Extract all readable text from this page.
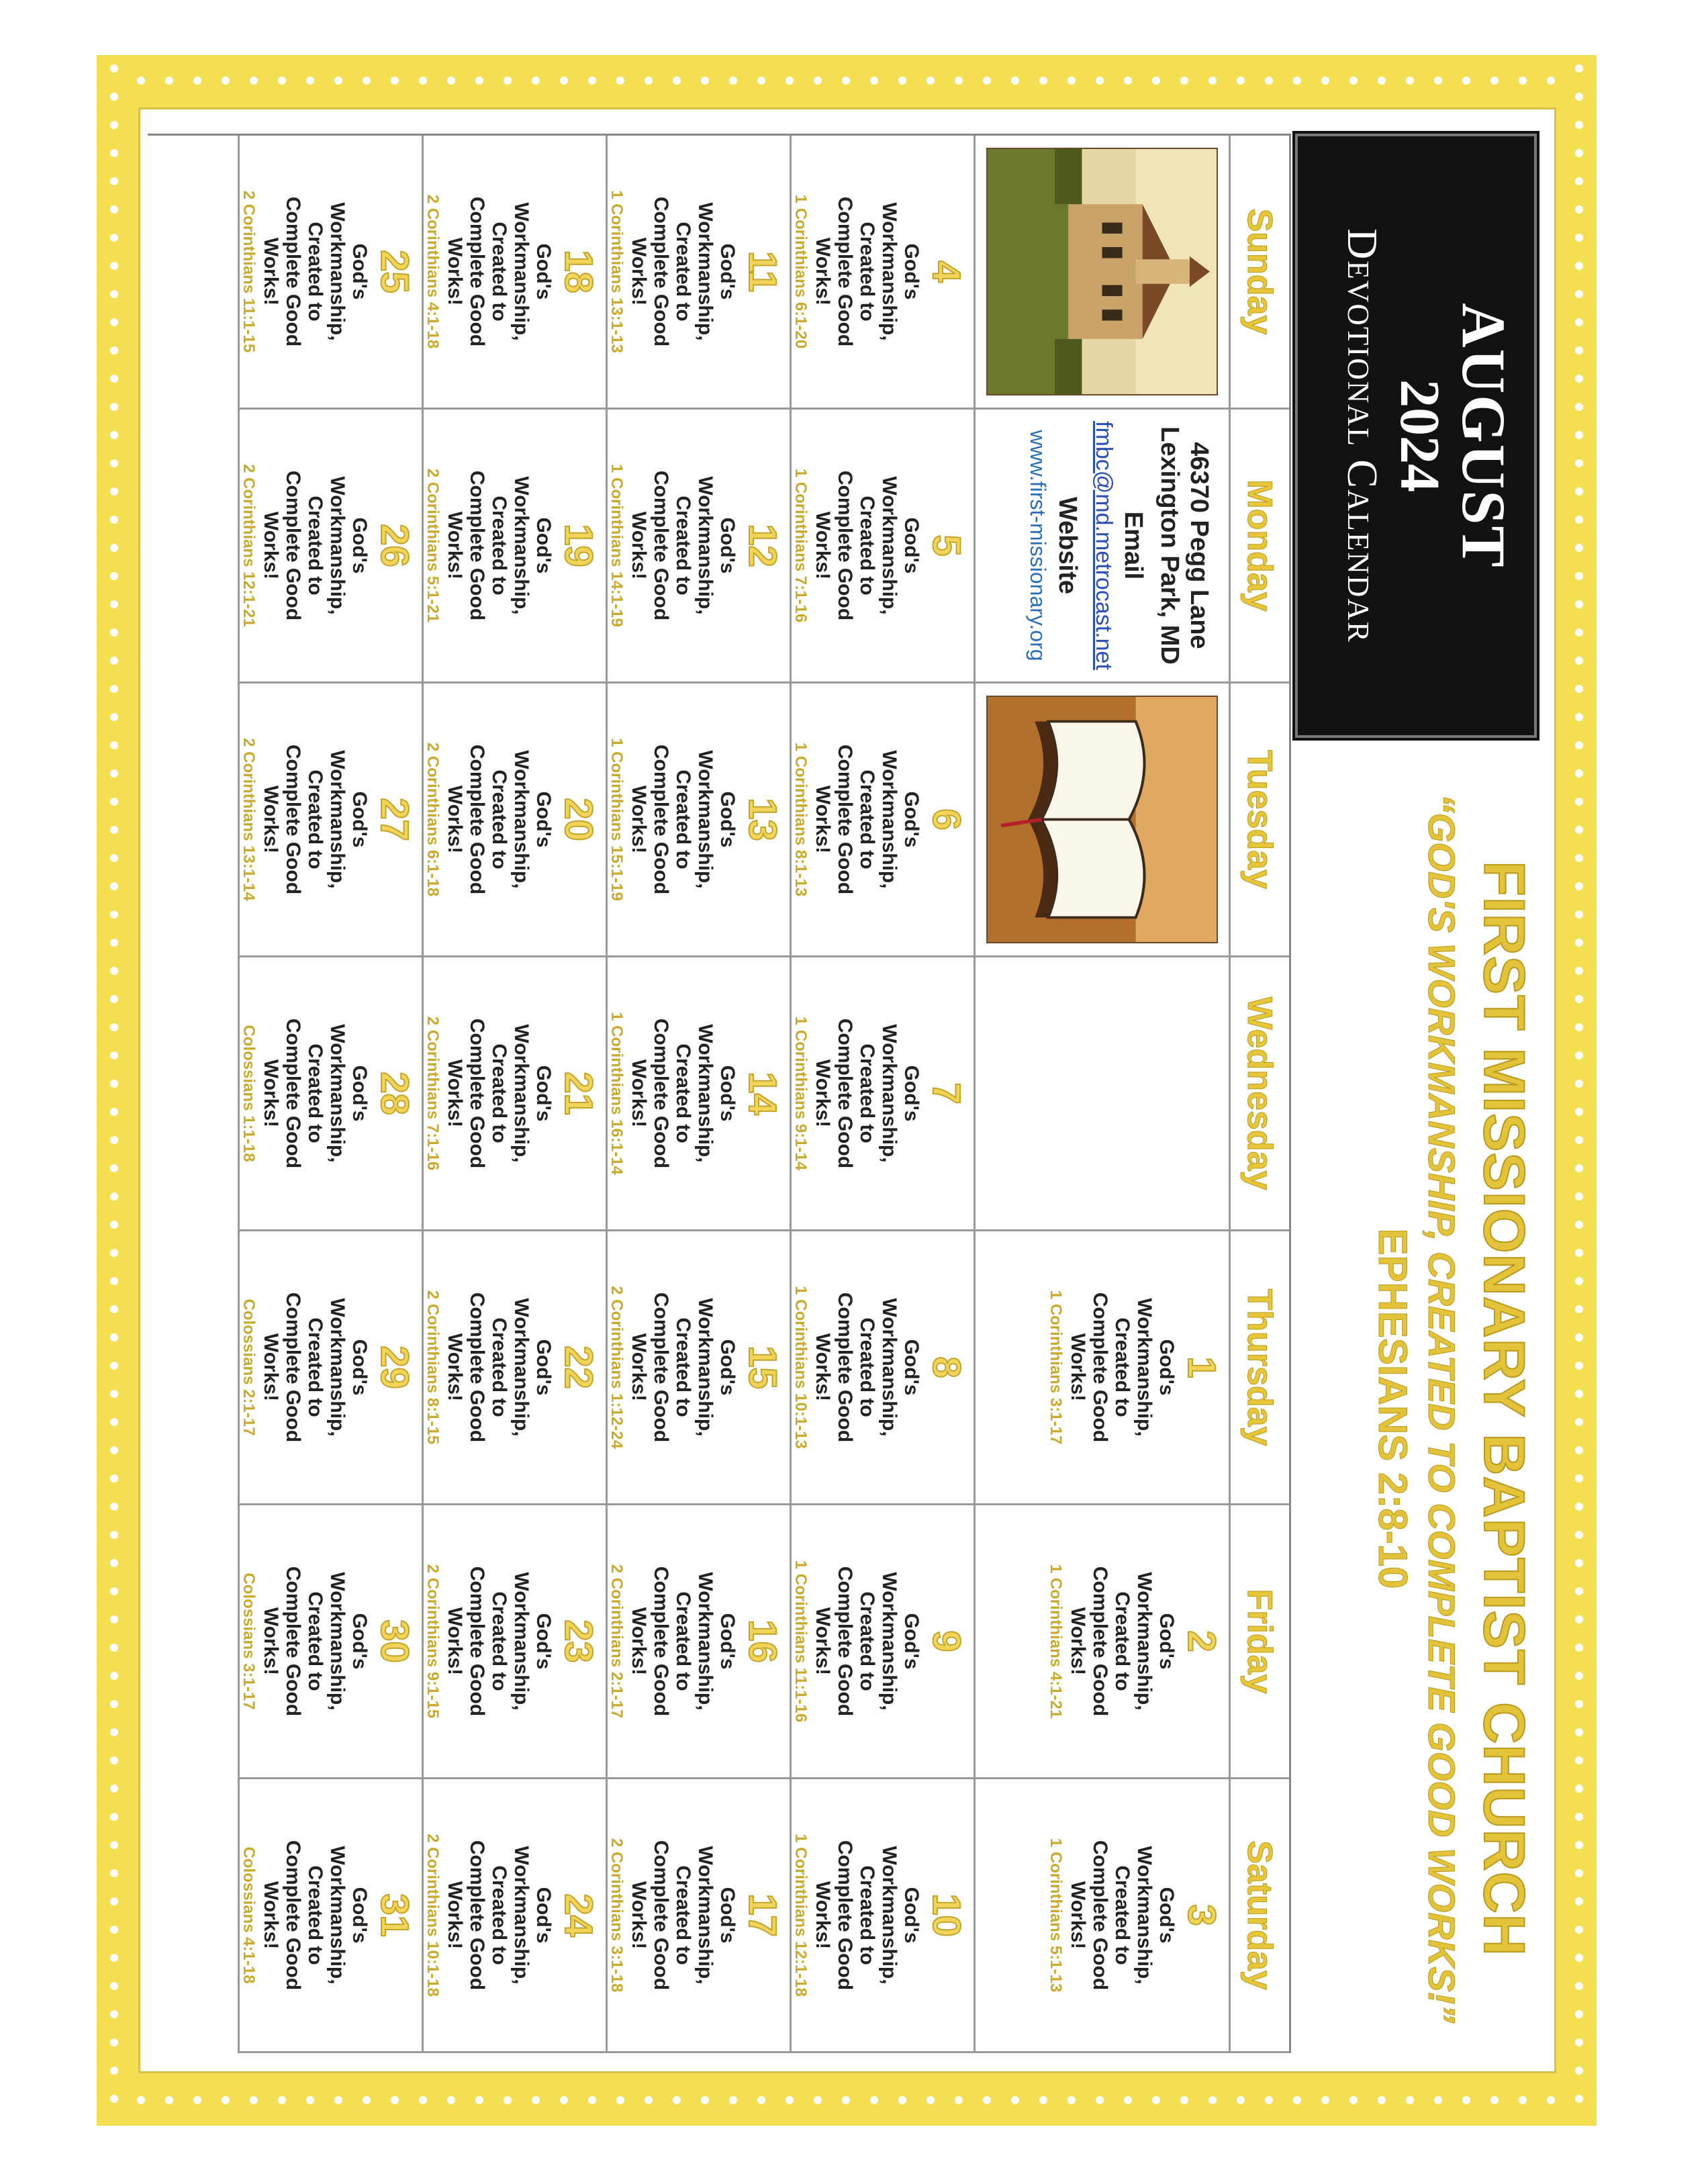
AUGUST
2024
Devotional Calendar
FIRST MISSIONARY BAPTIST CHURCH
“GOD'S WORKMANSHIP, CREATED TO COMPLETE GOOD WORKS!”
EPHESIANS 2:8-10
Sunday
Monday
Tuesday
Wednesday
Thursday
Friday
Saturday
46370 Pegg Lane
Lexington Park, MD
Email
fmbc@md.metrocast.net
Website
www.first-missionary.org
1
God's Workmanship, Created to Complete Good Works!
1 Corinthians 3:1-17
2
God's Workmanship, Created to Complete Good Works!
1 Corinthians 4:1-21
3
God's Workmanship, Created to Complete Good Works!
1 Corinthians 5:1-13
4
God's Workmanship, Created to Complete Good Works!
1 Corinthians 6:1-20
5
God's Workmanship, Created to Complete Good Works!
1 Corinthians 7:1-16
6
God's Workmanship, Created to Complete Good Works!
1 Corinthians 8:1-13
7
God's Workmanship, Created to Complete Good Works!
1 Corinthians 9:1-14
8
God's Workmanship, Created to Complete Good Works!
1 Corinthians 10:1-13
9
God's Workmanship, Created to Complete Good Works!
1 Corinthians 11:1-16
10
God's Workmanship, Created to Complete Good Works!
1 Corinthians 12:1-18
11
God's Workmanship, Created to Complete Good Works!
1 Corinthians 13:1-13
12
God's Workmanship, Created to Complete Good Works!
1 Corinthians 14:1-19
13
God's Workmanship, Created to Complete Good Works!
1 Corinthians 15:1-19
14
God's Workmanship, Created to Complete Good Works!
1 Corinthians 16:1-14
15
God's Workmanship, Created to Complete Good Works!
2 Corinthians 1:12-24
16
God's Workmanship, Created to Complete Good Works!
2 Corinthians 2:1-17
17
God's Workmanship, Created to Complete Good Works!
2 Corinthians 3:1-18
18
God's Workmanship, Created to Complete Good Works!
2 Corinthians 4:1-18
19
God's Workmanship, Created to Complete Good Works!
2 Corinthians 5:1-21
20
God's Workmanship, Created to Complete Good Works!
2 Corinthians 6:1-18
21
God's Workmanship, Created to Complete Good Works!
2 Corinthians 7:1-16
22
God's Workmanship, Created to Complete Good Works!
2 Corinthians 8:1-15
23
God's Workmanship, Created to Complete Good Works!
2 Corinthians 9:1-15
24
God's Workmanship, Created to Complete Good Works!
2 Corinthians 10:1-18
25
God's Workmanship, Created to Complete Good Works!
2 Corinthians 11:1-15
26
God's Workmanship, Created to Complete Good Works!
2 Corinthians 12:1-21
27
God's Workmanship, Created to Complete Good Works!
2 Corinthians 13:1-14
28
God's Workmanship, Created to Complete Good Works!
Colossians 1:1-18
29
God's Workmanship, Created to Complete Good Works!
Colossians 2:1-17
30
God's Workmanship, Created to Complete Good Works!
Colossians 3:1-17
31
God's Workmanship, Created to Complete Good Works!
Colossians 4:1-18
